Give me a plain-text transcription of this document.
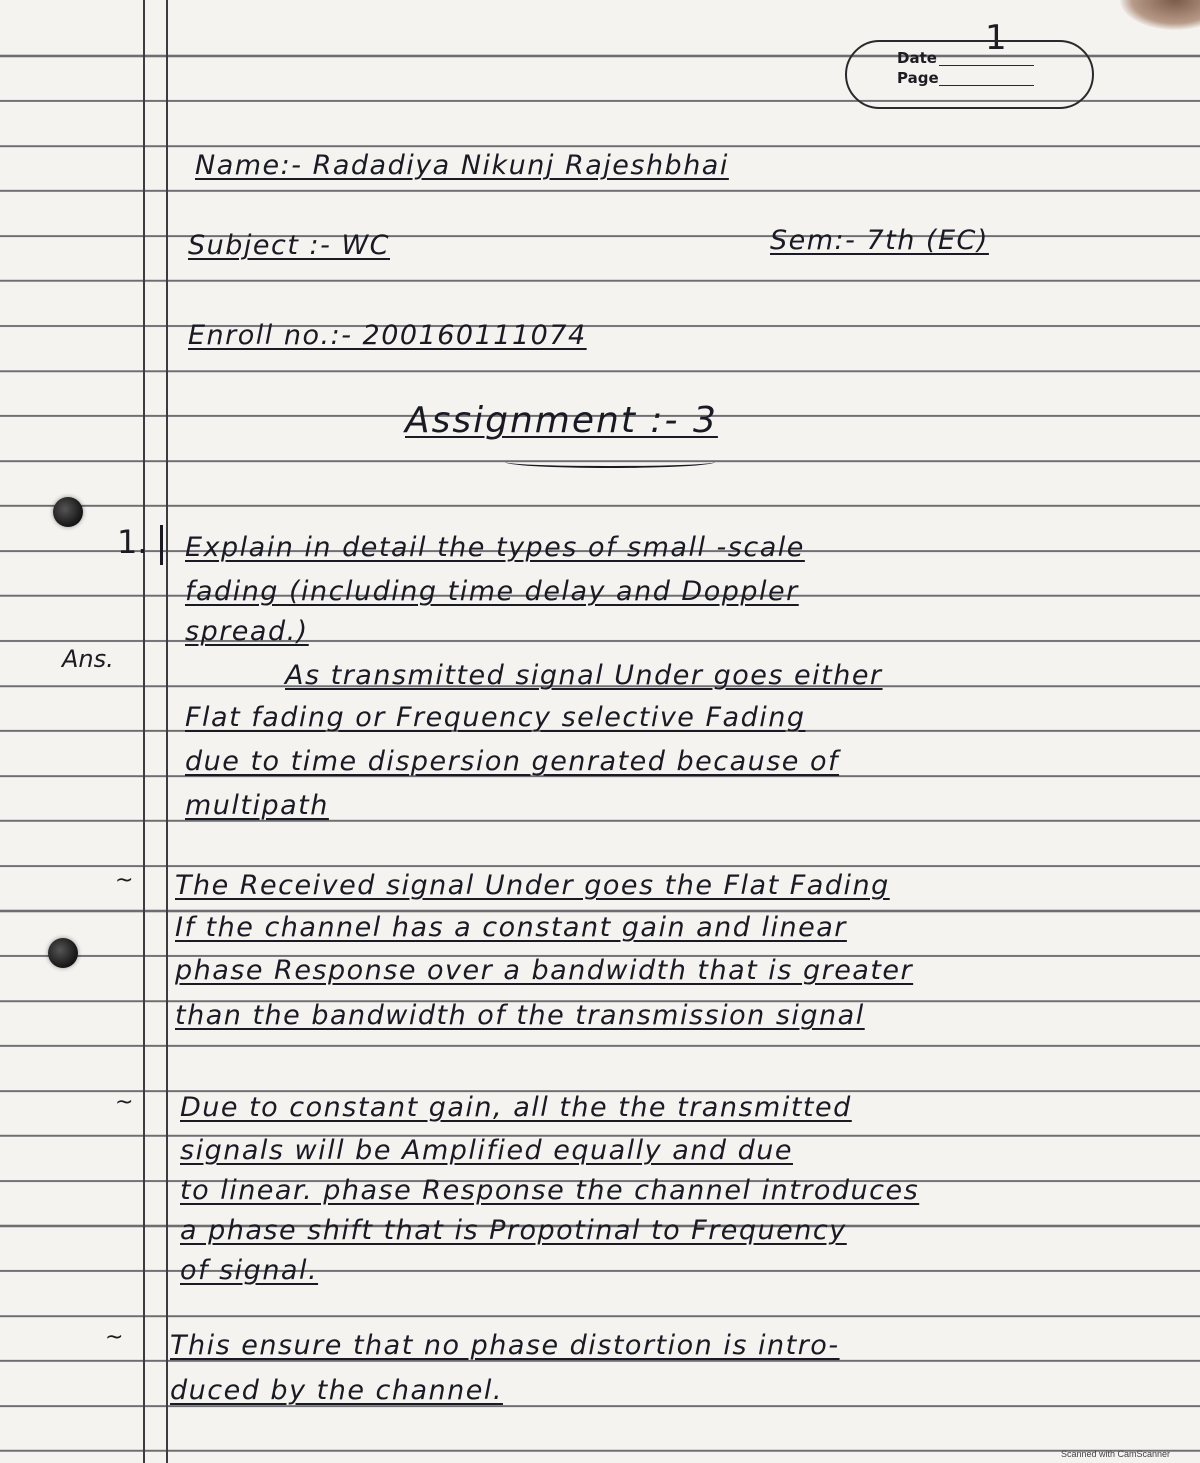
1
Date
Page
Name:- Radadiya Nikunj Rajeshbhai
Subject :- WC	Sem:- 7th (EC)
Enroll no.:- 200160111074
Assignment :- 3
1. Explain in detail the types of small -scale
fading (including time delay and Doppler
spread.)
Ans.
As transmitted signal Under goes either
Flat fading or Frequency selective Fading
due to time dispersion genrated because of
multipath
~ The Received signal Under goes the Flat Fading
If the channel has a constant gain and linear
phase Response over a bandwidth that is greater
than the bandwidth of the transmission signal
~ Due to constant gain, all the the transmitted
signals will be Amplified equally and due
to linear. phase Response the channel introduces
a phase shift that is Propotinal to Frequency
of signal.
~ This ensure that no phase distortion is intro-
duced by the channel.
Scanned with CamScanner
